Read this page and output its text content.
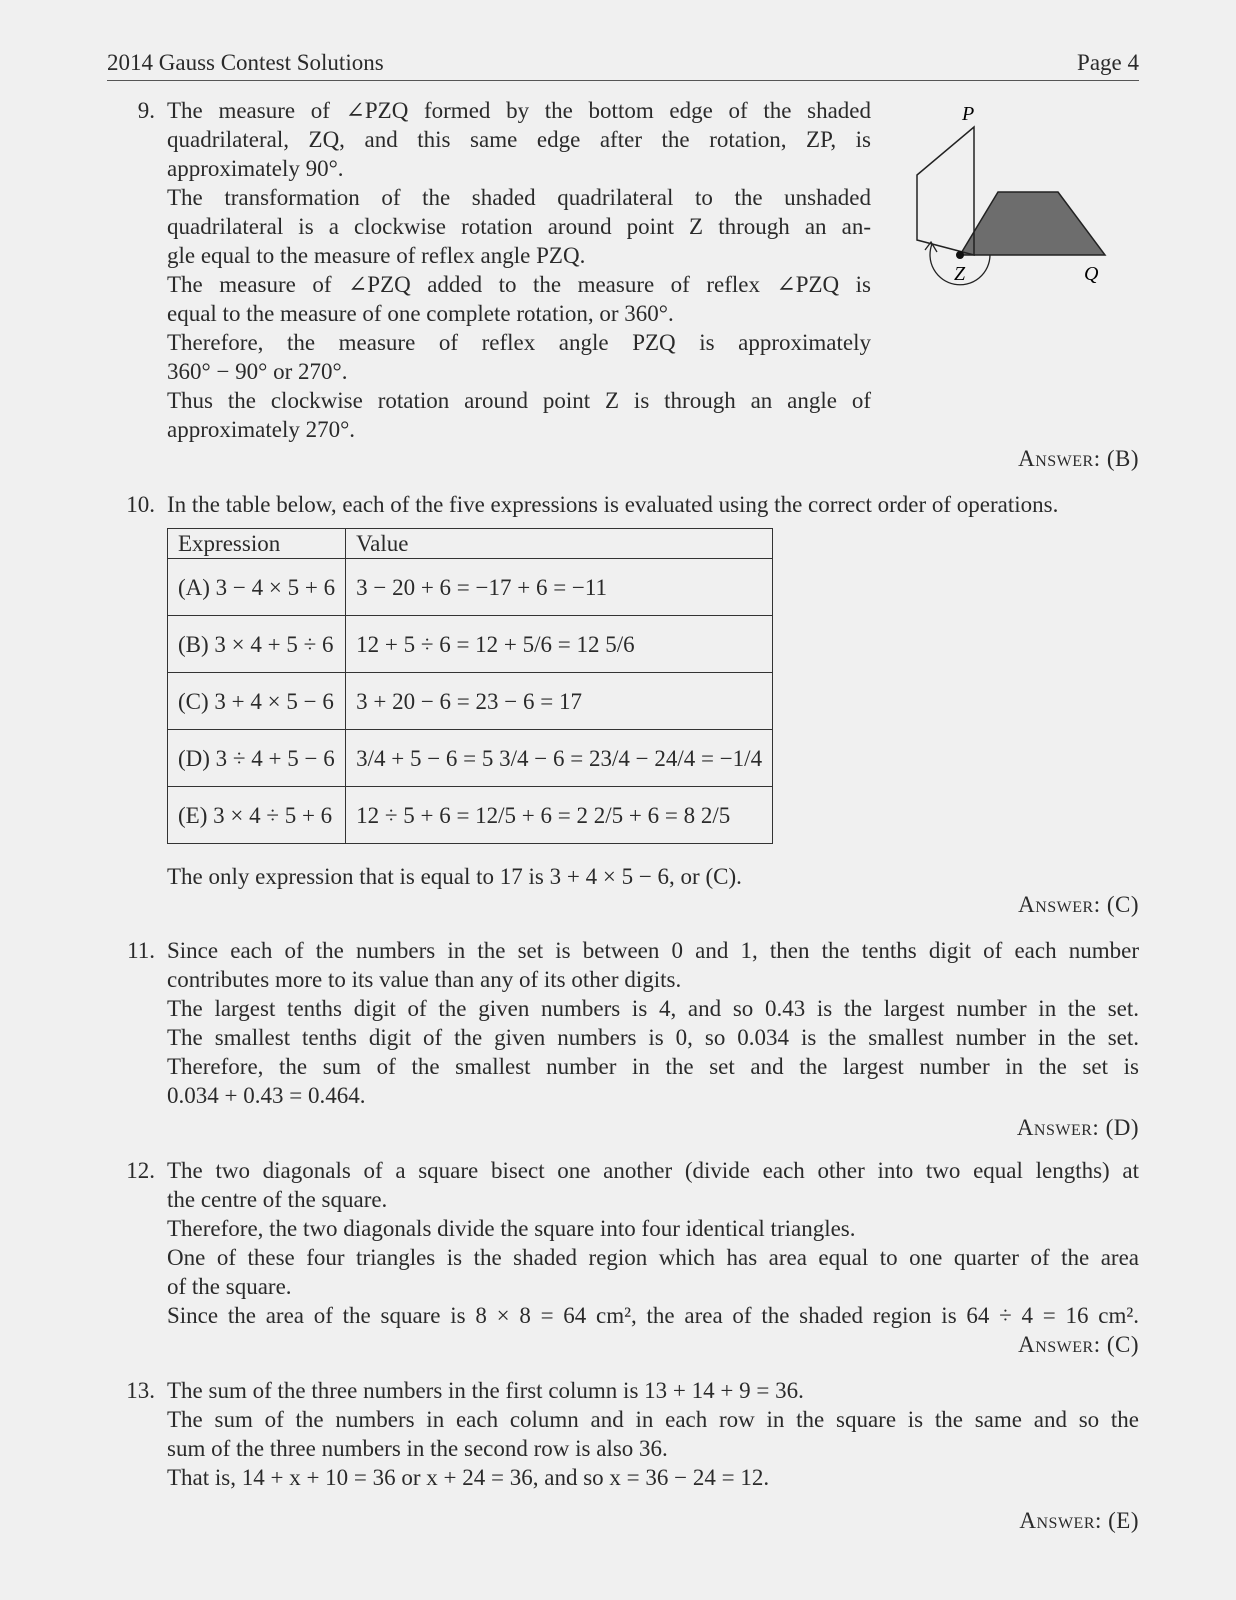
2014 Gauss Contest Solutions	Page 4
9. The measure of ∠PZQ formed by the bottom edge of the shaded
quadrilateral, ZQ, and this same edge after the rotation, ZP, is
approximately 90°.
The transformation of the shaded quadrilateral to the unshaded
quadrilateral is a clockwise rotation around point Z through an an-
gle equal to the measure of reflex angle PZQ.
The measure of ∠PZQ added to the measure of reflex ∠PZQ is
equal to the measure of one complete rotation, or 360°.
Therefore, the measure of reflex angle PZQ is approximately
360° − 90° or 270°.
Thus the clockwise rotation around point Z is through an angle of
approximately 270°.
Answer: (B)
P
Z	Q
10. In the table below, each of the five expressions is evaluated using the correct order of operations.
Expression	Value
(A) 3 − 4 × 5 + 6	3 − 20 + 6 = −17 + 6 = −11
(B) 3 × 4 + 5 ÷ 6	12 + 5 ÷ 6 = 12 + 5/6 = 12 5/6
(C) 3 + 4 × 5 − 6	3 + 20 − 6 = 23 − 6 = 17
(D) 3 ÷ 4 + 5 − 6	3/4 + 5 − 6 = 5 3/4 − 6 = 23/4 − 24/4 = −1/4
(E) 3 × 4 ÷ 5 + 6	12 ÷ 5 + 6 = 12/5 + 6 = 2 2/5 + 6 = 8 2/5
The only expression that is equal to 17 is 3 + 4 × 5 − 6, or (C).
Answer: (C)
11. Since each of the numbers in the set is between 0 and 1, then the tenths digit of each number
contributes more to its value than any of its other digits.
The largest tenths digit of the given numbers is 4, and so 0.43 is the largest number in the set.
The smallest tenths digit of the given numbers is 0, so 0.034 is the smallest number in the set.
Therefore, the sum of the smallest number in the set and the largest number in the set is
0.034 + 0.43 = 0.464.
Answer: (D)
12. The two diagonals of a square bisect one another (divide each other into two equal lengths) at
the centre of the square.
Therefore, the two diagonals divide the square into four identical triangles.
One of these four triangles is the shaded region which has area equal to one quarter of the area
of the square.
Since the area of the square is 8 × 8 = 64 cm², the area of the shaded region is 64 ÷ 4 = 16 cm².
Answer: (C)
13. The sum of the three numbers in the first column is 13 + 14 + 9 = 36.
The sum of the numbers in each column and in each row in the square is the same and so the
sum of the three numbers in the second row is also 36.
That is, 14 + x + 10 = 36 or x + 24 = 36, and so x = 36 − 24 = 12.
Answer: (E)
